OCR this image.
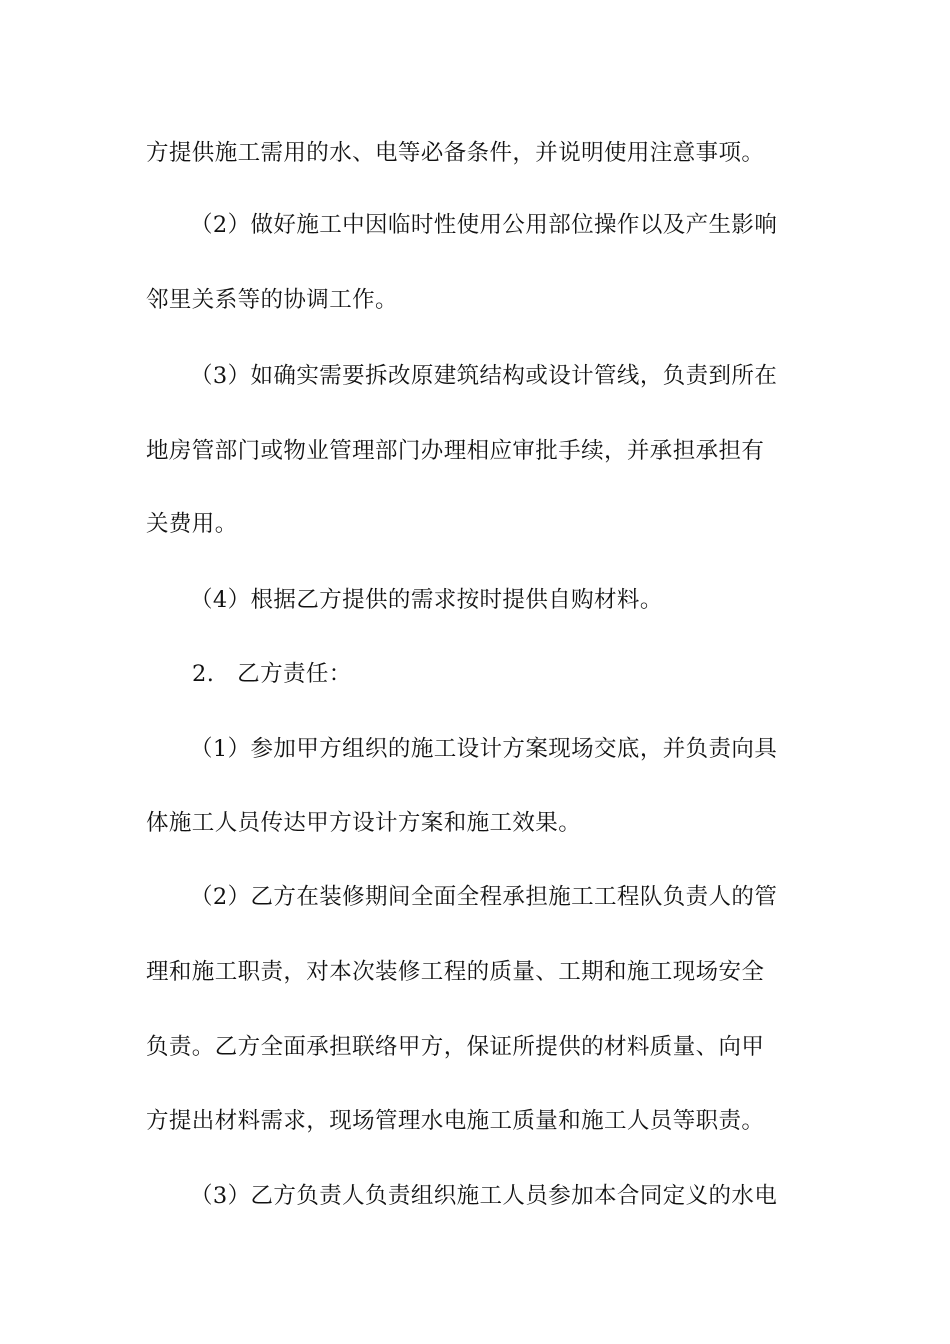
方提供施工需用的水、电等必备条件，并说明使用注意事项。
（2）做好施工中因临时性使用公用部位操作以及产生影响
邻里关系等的协调工作。
（3）如确实需要拆改原建筑结构或设计管线，负责到所在
地房管部门或物业管理部门办理相应审批手续，并承担承担有
关费用。
（4）根据乙方提供的需求按时提供自购材料。
2.　乙方责任：
（1）参加甲方组织的施工设计方案现场交底，并负责向具
体施工人员传达甲方设计方案和施工效果。
（2）乙方在装修期间全面全程承担施工工程队负责人的管
理和施工职责，对本次装修工程的质量、工期和施工现场安全
负责。乙方全面承担联络甲方，保证所提供的材料质量、向甲
方提出材料需求，现场管理水电施工质量和施工人员等职责。
（3）乙方负责人负责组织施工人员参加本合同定义的水电
